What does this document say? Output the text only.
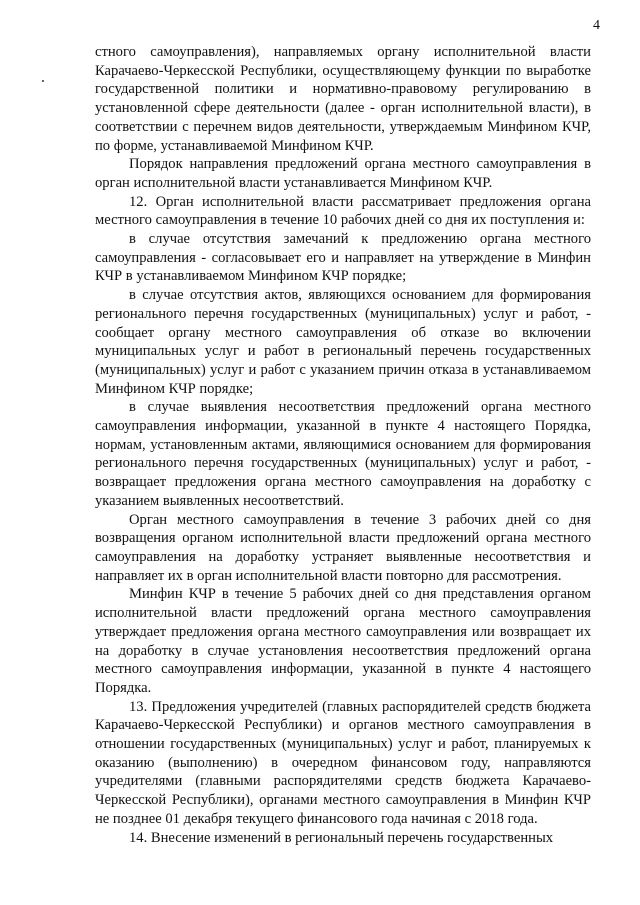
4

стного самоуправления), направляемых органу исполнительной власти Карачаево-Черкесской Республики, осуществляющему функции по выработке государственной политики и нормативно-правовому регулированию в установленной сфере деятельности (далее - орган исполнительной власти), в соответствии с перечнем видов деятельности, утверждаемым Минфином КЧР, по форме, устанавливаемой Минфином КЧР.

Порядок направления предложений органа местного самоуправления в орган исполнительной власти устанавливается Минфином КЧР.

12. Орган исполнительной власти рассматривает предложения органа местного самоуправления в течение 10 рабочих дней со дня их поступления и:

в случае отсутствия замечаний к предложению органа местного самоуправления - согласовывает его и направляет на утверждение в Минфин КЧР в устанавливаемом Минфином КЧР порядке;

в случае отсутствия актов, являющихся основанием для формирования регионального перечня государственных (муниципальных) услуг и работ, - сообщает органу местного самоуправления об отказе во включении муниципальных услуг и работ в региональный перечень государственных (муниципальных) услуг и работ с указанием причин отказа в устанавливаемом Минфином КЧР порядке;

в случае выявления несоответствия предложений органа местного самоуправления информации, указанной в пункте 4 настоящего Порядка, нормам, установленным актами, являющимися основанием для формирования регионального перечня государственных (муниципальных) услуг и работ, - возвращает предложения органа местного самоуправления на доработку с указанием выявленных несоответствий.

Орган местного самоуправления в течение 3 рабочих дней со дня возвращения органом исполнительной власти предложений органа местного самоуправления на доработку устраняет выявленные несоответствия и направляет их в орган исполнительной власти повторно для рассмотрения.

Минфин КЧР в течение 5 рабочих дней со дня представления органом исполнительной власти предложений органа местного самоуправления утверждает предложения органа местного самоуправления или возвращает их на доработку в случае установления несоответствия предложений органа местного самоуправления информации, указанной в пункте 4 настоящего Порядка.

13. Предложения учредителей (главных распорядителей средств бюджета Карачаево-Черкесской Республики) и органов местного самоуправления в отношении государственных (муниципальных) услуг и работ, планируемых к оказанию (выполнению) в очередном финансовом году, направляются учредителями (главными распорядителями средств бюджета Карачаево-Черкесской Республики), органами местного самоуправления в Минфин КЧР не позднее 01 декабря текущего финансового года начиная с 2018 года.

14. Внесение изменений в региональный перечень государственных
